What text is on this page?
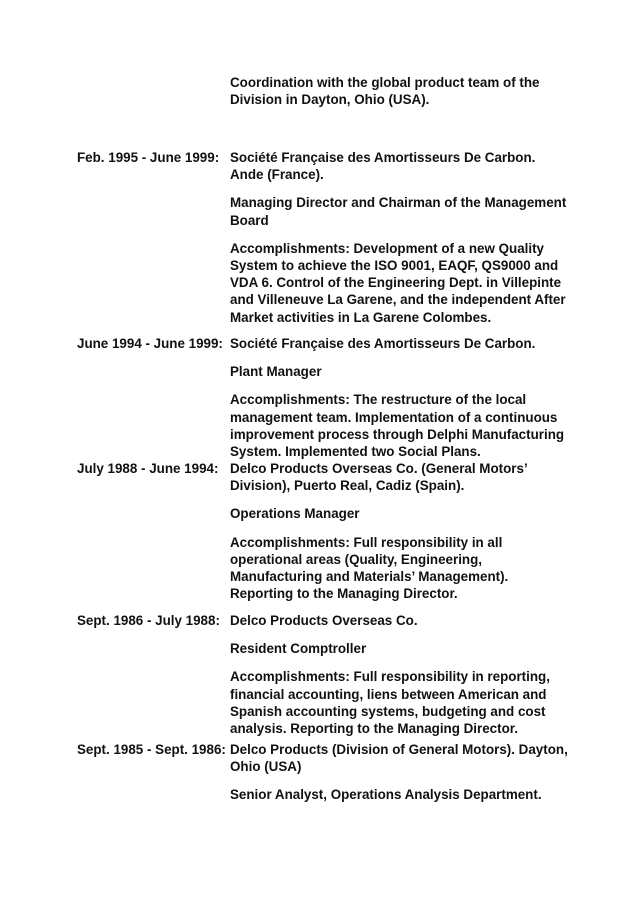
Coordination with the global product team of the Division in Dayton, Ohio (USA).

Feb. 1995 - June 1999: Société Française des Amortisseurs De Carbon. Ande (France).

Managing Director and Chairman of the Management Board

Accomplishments: Development of a new Quality System to achieve the ISO 9001, EAQF, QS9000 and VDA 6. Control of the Engineering Dept. in Villepinte and Villeneuve La Garene, and the independent After Market activities in La Garene Colombes.

June 1994 - June 1999: Société Française des Amortisseurs De Carbon.

Plant Manager

Accomplishments: The restructure of the local management team. Implementation of a continuous improvement process through Delphi Manufacturing System. Implemented two Social Plans.

July 1988 - June 1994: Delco Products Overseas Co. (General Motors’ Division), Puerto Real, Cadiz (Spain).

Operations Manager

Accomplishments: Full responsibility in all operational areas (Quality, Engineering, Manufacturing and Materials’ Management). Reporting to the Managing Director.

Sept. 1986 - July 1988: Delco Products Overseas Co.

Resident Comptroller

Accomplishments: Full responsibility in reporting, financial accounting, liens between American and Spanish accounting systems, budgeting and cost analysis. Reporting to the Managing Director.

Sept. 1985 - Sept. 1986: Delco Products (Division of General Motors). Dayton, Ohio (USA)

Senior Analyst, Operations Analysis Department.
